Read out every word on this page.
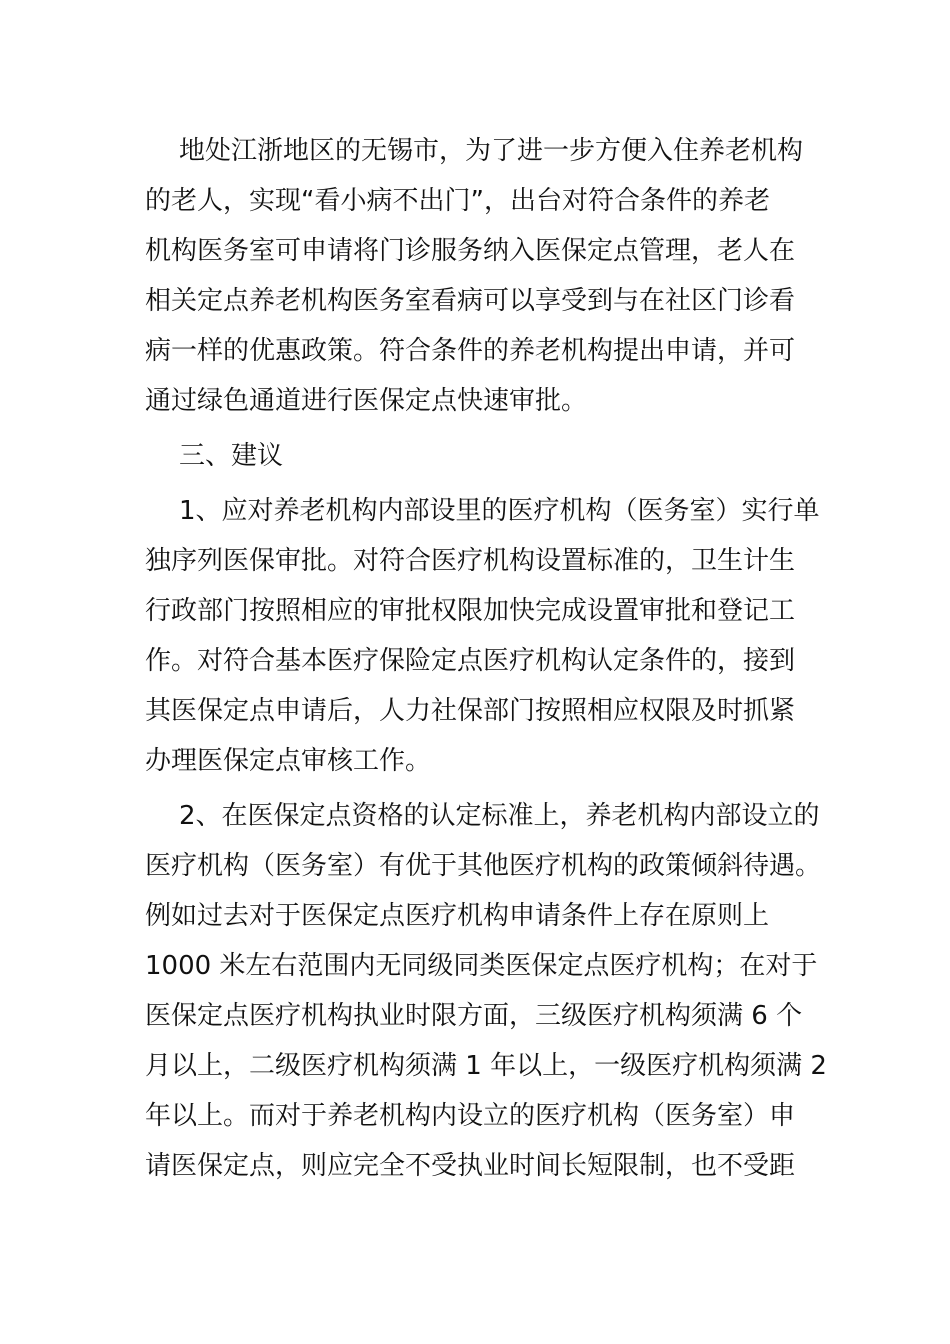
地处江浙地区的无锡市，为了进一步方便入住养老机构
的老人，实现“看小病不出门”，出台对符合条件的养老
机构医务室可申请将门诊服务纳入医保定点管理，老人在
相关定点养老机构医务室看病可以享受到与在社区门诊看
病一样的优惠政策。符合条件的养老机构提出申请，并可
通过绿色通道进行医保定点快速审批。
三、建议
1、应对养老机构内部设里的医疗机构（医务室）实行单
独序列医保审批。对符合医疗机构设置标准的，卫生计生
行政部门按照相应的审批权限加快完成设置审批和登记工
作。对符合基本医疗保险定点医疗机构认定条件的，接到
其医保定点申请后，人力社保部门按照相应权限及时抓紧
办理医保定点审核工作。
2、在医保定点资格的认定标准上，养老机构内部设立的
医疗机构（医务室）有优于其他医疗机构的政策倾斜待遇。
例如过去对于医保定点医疗机构申请条件上存在原则上
1000 米左右范围内无同级同类医保定点医疗机构；在对于
医保定点医疗机构执业时限方面，三级医疗机构须满 6 个
月以上，二级医疗机构须满 1 年以上，一级医疗机构须满 2
年以上。而对于养老机构内设立的医疗机构（医务室）申
请医保定点，则应完全不受执业时间长短限制，也不受距
